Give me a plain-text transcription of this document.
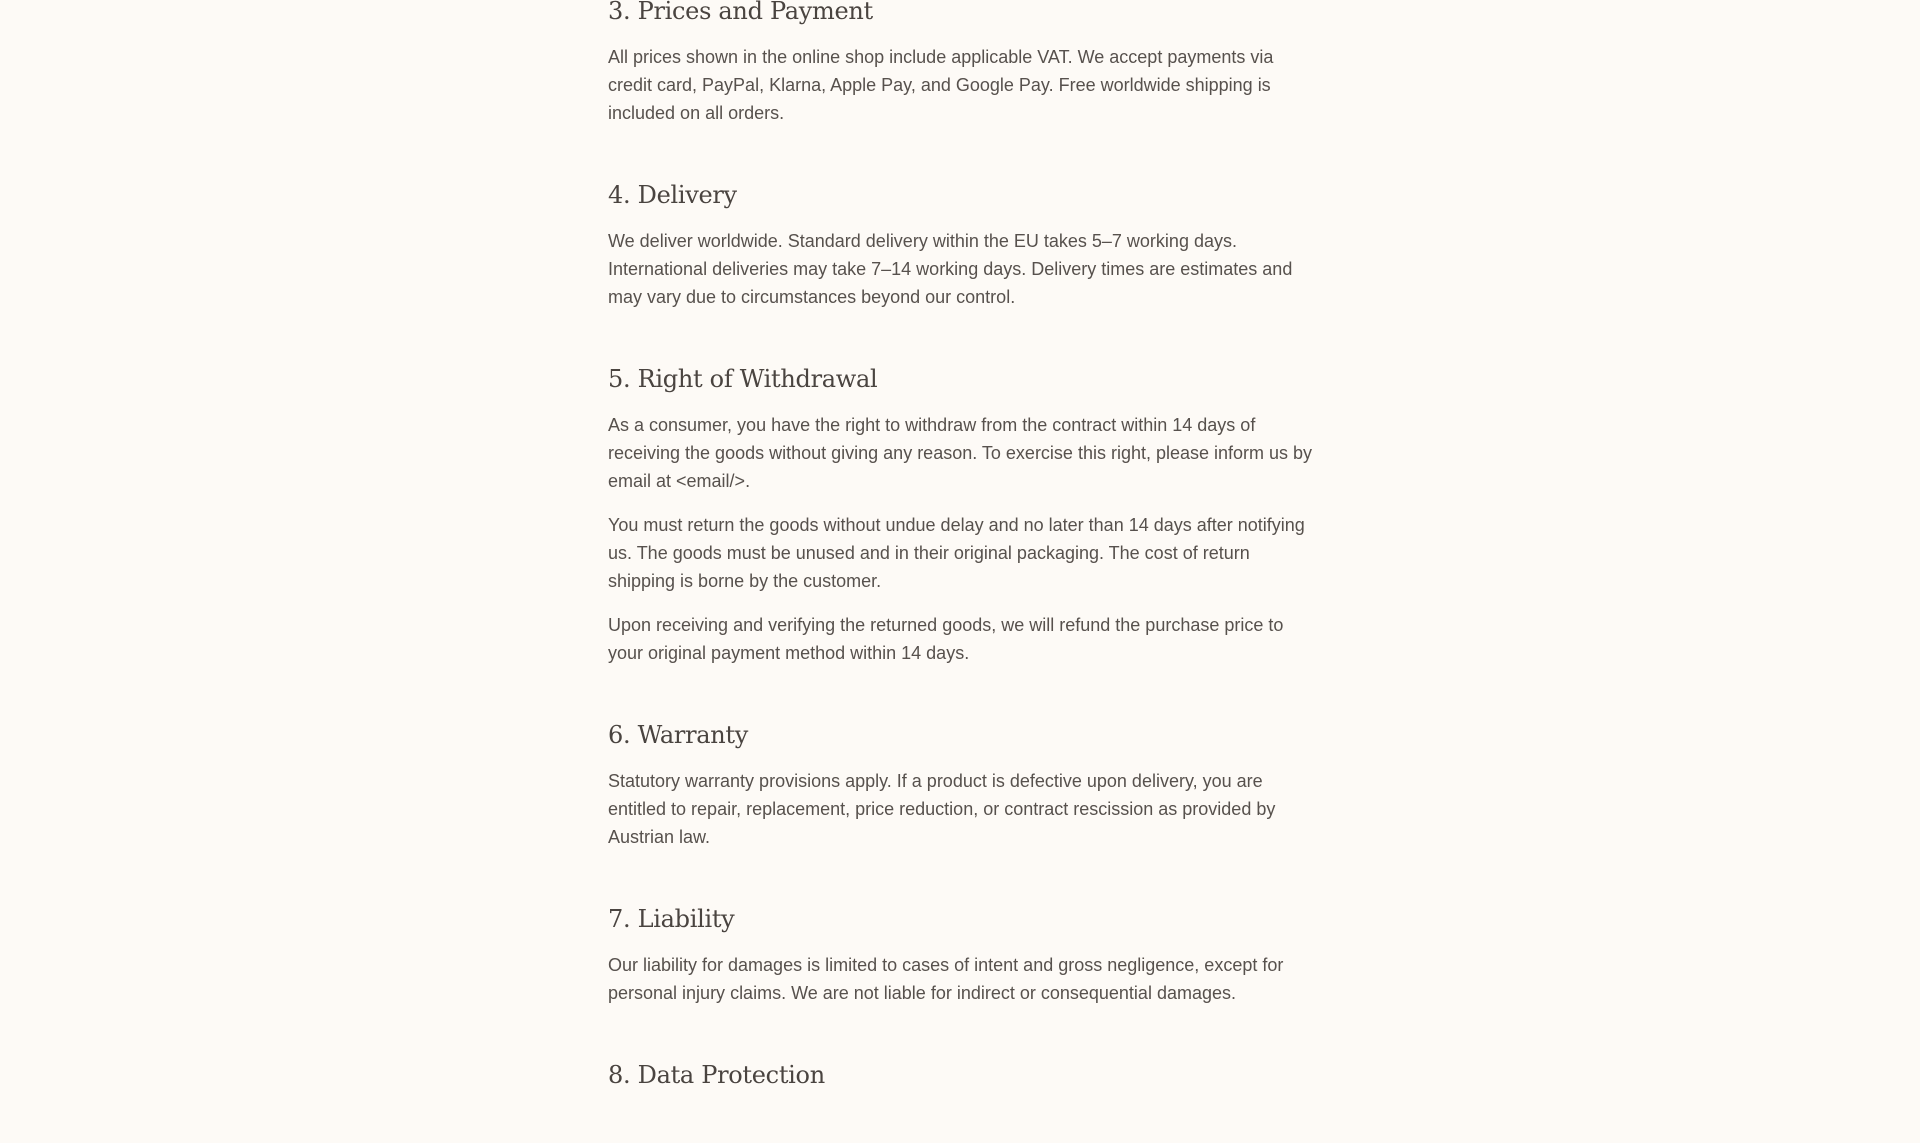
3. Prices and Payment

All prices shown in the online shop include applicable VAT. We accept payments via credit card, PayPal, Klarna, Apple Pay, and Google Pay. Free worldwide shipping is included on all orders.

4. Delivery

We deliver worldwide. Standard delivery within the EU takes 5–7 working days. International deliveries may take 7–14 working days. Delivery times are estimates and may vary due to circumstances beyond our control.

5. Right of Withdrawal

As a consumer, you have the right to withdraw from the contract within 14 days of receiving the goods without giving any reason. To exercise this right, please inform us by email at <email/>.

You must return the goods without undue delay and no later than 14 days after notifying us. The goods must be unused and in their original packaging. The cost of return shipping is borne by the customer.

Upon receiving and verifying the returned goods, we will refund the purchase price to your original payment method within 14 days.

6. Warranty

Statutory warranty provisions apply. If a product is defective upon delivery, you are entitled to repair, replacement, price reduction, or contract rescission as provided by Austrian law.

7. Liability

Our liability for damages is limited to cases of intent and gross negligence, except for personal injury claims. We are not liable for indirect or consequential damages.

8. Data Protection
